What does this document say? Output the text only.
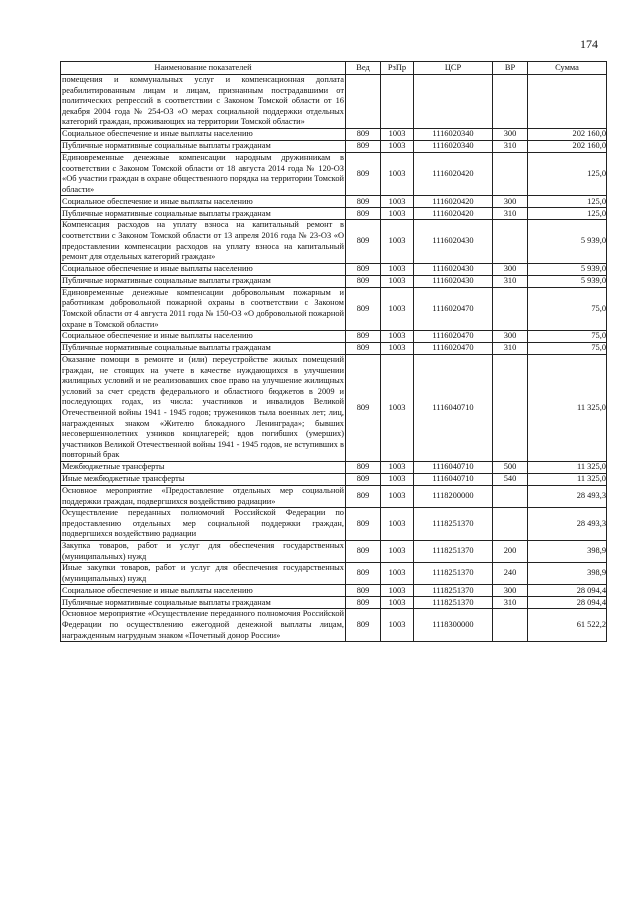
174
Наименование показателей	Вед	РзПр	ЦСР	ВР	Сумма
помещения и коммунальных услуг и компенсационная доплата реабилитированным лицам и лицам, признанным пострадавшими от политических репрессий в соответствии с Законом Томской области от 16 декабря 2004 года № 254-ОЗ «О мерах социальной поддержки отдельных категорий граждан, проживающих на территории Томской области»					
Социальное обеспечение и иные выплаты населению	809	1003	1116020340	300	202 160,0
Публичные нормативные социальные выплаты гражданам	809	1003	1116020340	310	202 160,0
Единовременные денежные компенсации народным дружинникам в соответствии с Законом Томской области от 18 августа 2014 года № 120-ОЗ «Об участии граждан в охране общественного порядка на территории Томской области»	809	1003	1116020420		125,0
Социальное обеспечение и иные выплаты населению	809	1003	1116020420	300	125,0
Публичные нормативные социальные выплаты гражданам	809	1003	1116020420	310	125,0
Компенсация расходов на уплату взноса на капитальный ремонт в соответствии с Законом Томской области от 13 апреля 2016 года № 23-ОЗ «О предоставлении компенсации расходов на уплату взноса на капитальный ремонт для отдельных категорий граждан»	809	1003	1116020430		5 939,0
Социальное обеспечение и иные выплаты населению	809	1003	1116020430	300	5 939,0
Публичные нормативные социальные выплаты гражданам	809	1003	1116020430	310	5 939,0
Единовременные денежные компенсации добровольным пожарным и работникам добровольной пожарной охраны в соответствии с Законом Томской области от 4 августа 2011 года № 150-ОЗ «О добровольной пожарной охране в Томской области»	809	1003	1116020470		75,0
Социальное обеспечение и иные выплаты населению	809	1003	1116020470	300	75,0
Публичные нормативные социальные выплаты гражданам	809	1003	1116020470	310	75,0
Оказание помощи в ремонте и (или) переустройстве жилых помещений граждан, не стоящих на учете в качестве нуждающихся в улучшении жилищных условий и не реализовавших свое право на улучшение жилищных условий за счет средств федерального и областного бюджетов в 2009 и последующих годах, из числа: участников и инвалидов Великой Отечественной войны 1941 - 1945 годов; тружеников тыла военных лет; лиц, награжденных знаком «Жителю блокадного Ленинграда»; бывших несовершеннолетних узников концлагерей; вдов погибших (умерших) участников Великой Отечественной войны 1941 - 1945 годов, не вступивших в повторный брак	809	1003	1116040710		11 325,0
Межбюджетные трансферты	809	1003	1116040710	500	11 325,0
Иные межбюджетные трансферты	809	1003	1116040710	540	11 325,0
Основное мероприятие «Предоставление отдельных мер социальной поддержки граждан, подвергшихся воздействию радиации»	809	1003	1118200000		28 493,3
Осуществление переданных полномочий Российской Федерации по предоставлению отдельных мер социальной поддержки граждан, подвергшихся воздействию радиации	809	1003	1118251370		28 493,3
Закупка товаров, работ и услуг для обеспечения государственных (муниципальных) нужд	809	1003	1118251370	200	398,9
Иные закупки товаров, работ и услуг для обеспечения государственных (муниципальных) нужд	809	1003	1118251370	240	398,9
Социальное обеспечение и иные выплаты населению	809	1003	1118251370	300	28 094,4
Публичные нормативные социальные выплаты гражданам	809	1003	1118251370	310	28 094,4
Основное мероприятие «Осуществление переданного полномочия Российской Федерации по осуществлению ежегодной денежной выплаты лицам, награжденным нагрудным знаком «Почетный донор России»	809	1003	1118300000		61 522,2
